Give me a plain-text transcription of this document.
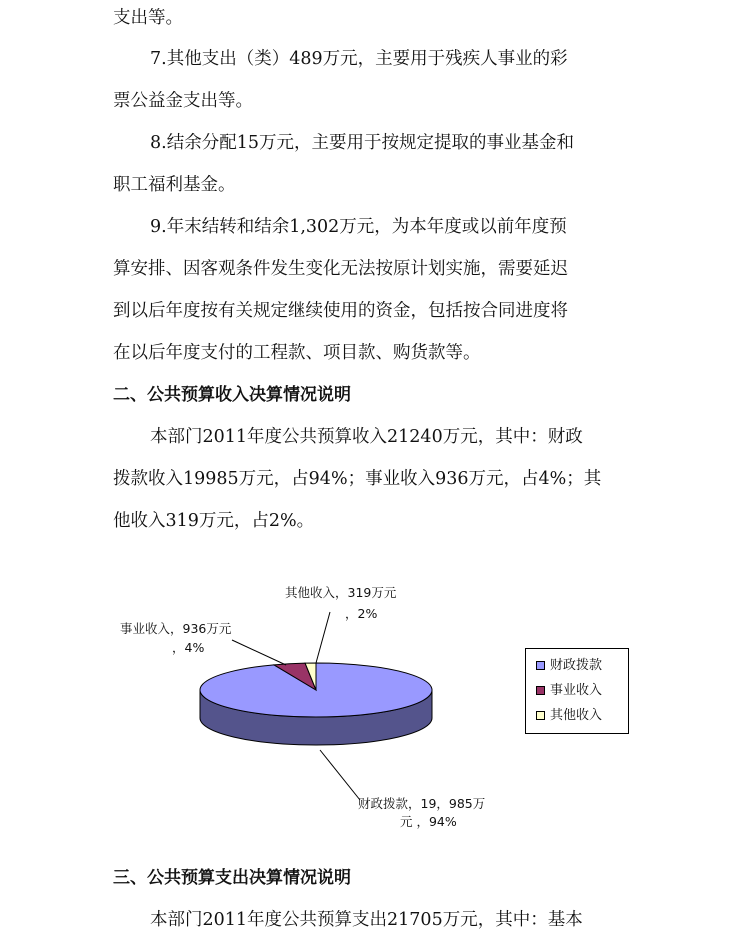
支出等。
7.其他支出（类）489万元，主要用于残疾人事业的彩
票公益金支出等。
8.结余分配15万元，主要用于按规定提取的事业基金和
职工福利基金。
9.年末结转和结余1,302万元，为本年度或以前年度预
算安排、因客观条件发生变化无法按原计划实施，需要延迟
到以后年度按有关规定继续使用的资金，包括按合同进度将
在以后年度支付的工程款、项目款、购货款等。
二、公共预算收入决算情况说明
本部门2011年度公共预算收入21240万元，其中：财政
拨款收入19985万元，占94%；事业收入936万元，占4%；其
他收入319万元，占2%。
其他收入，319万元
，2%
事业收入，936万元
，4%
财政拨款，19，985万
元 ，94%
财政拨款
事业收入
其他收入
三、公共预算支出决算情况说明
本部门2011年度公共预算支出21705万元，其中：基本
